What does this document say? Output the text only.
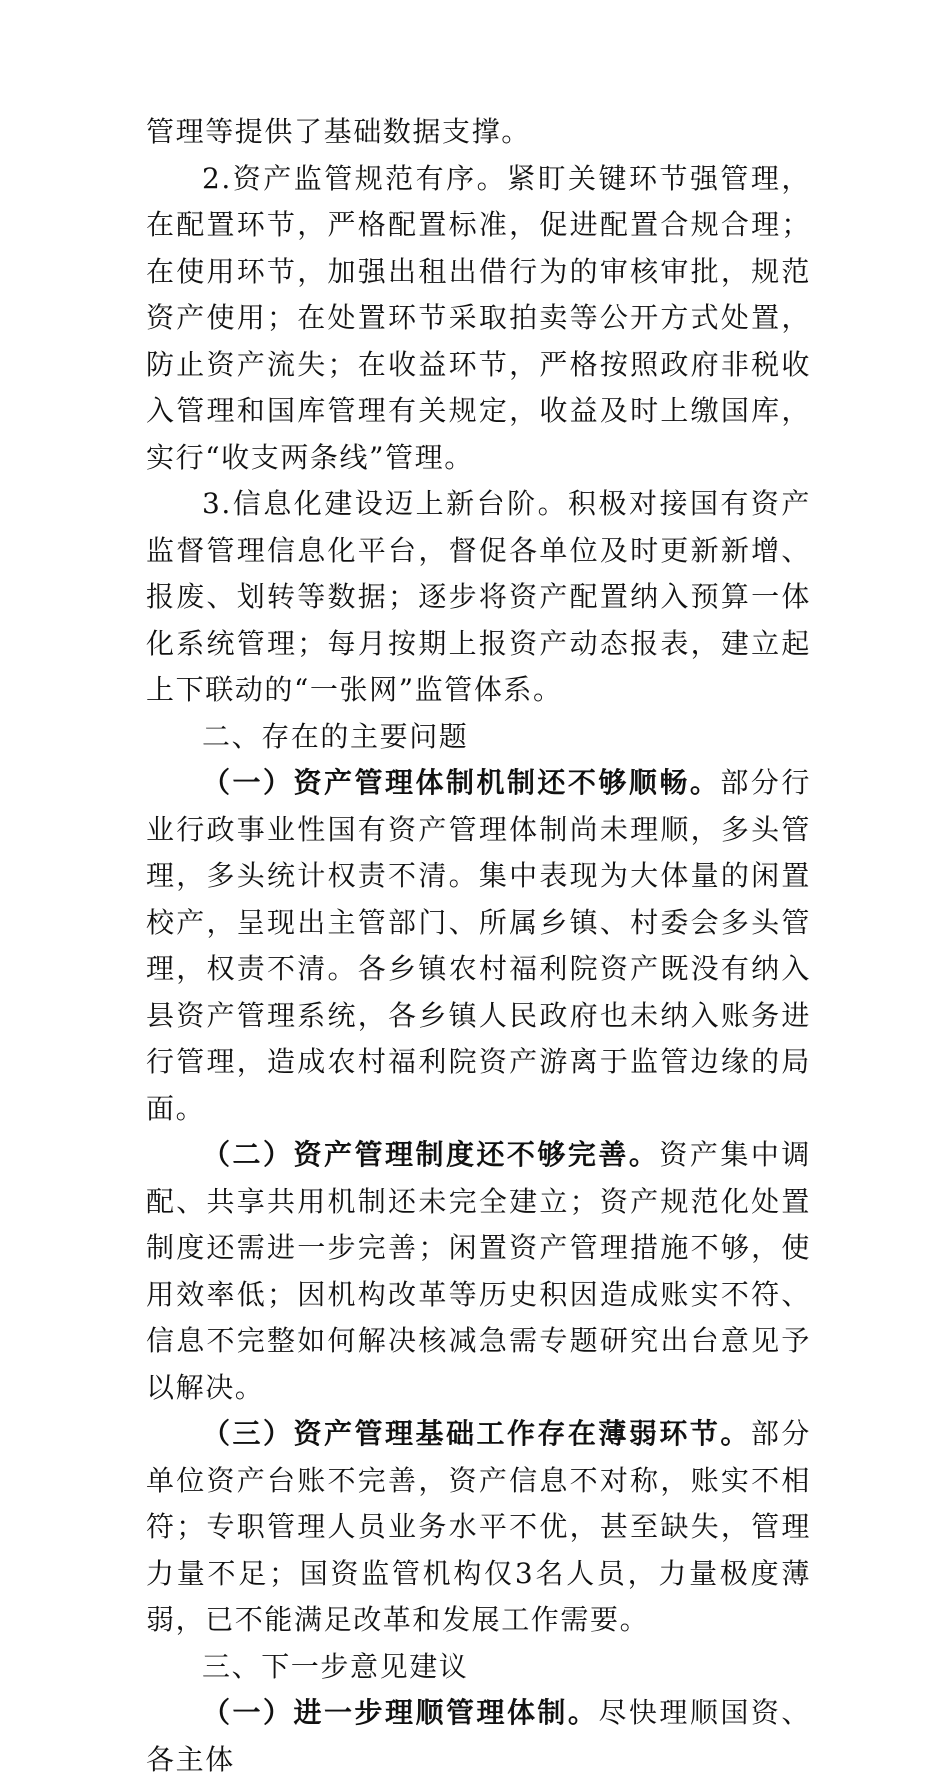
管理等提供了基础数据支撑。

2.资产监管规范有序。紧盯关键环节强管理，在配置环节，严格配置标准，促进配置合规合理；在使用环节，加强出租出借行为的审核审批，规范资产使用；在处置环节采取拍卖等公开方式处置，防止资产流失；在收益环节，严格按照政府非税收入管理和国库管理有关规定，收益及时上缴国库，实行“收支两条线”管理。

3.信息化建设迈上新台阶。积极对接国有资产监督管理信息化平台，督促各单位及时更新新增、报废、划转等数据；逐步将资产配置纳入预算一体化系统管理；每月按期上报资产动态报表，建立起上下联动的“一张网”监管体系。

二、存在的主要问题

（一）资产管理体制机制还不够顺畅。部分行业行政事业性国有资产管理体制尚未理顺，多头管理，多头统计权责不清。集中表现为大体量的闲置校产，呈现出主管部门、所属乡镇、村委会多头管理，权责不清。各乡镇农村福利院资产既没有纳入县资产管理系统，各乡镇人民政府也未纳入账务进行管理，造成农村福利院资产游离于监管边缘的局面。

（二）资产管理制度还不够完善。资产集中调配、共享共用机制还未完全建立；资产规范化处置制度还需进一步完善；闲置资产管理措施不够，使用效率低；因机构改革等历史积因造成账实不符、信息不完整如何解决核减急需专题研究出台意见予以解决。

（三）资产管理基础工作存在薄弱环节。部分单位资产台账不完善，资产信息不对称，账实不相符；专职管理人员业务水平不优，甚至缺失，管理力量不足；国资监管机构仅3名人员，力量极度薄弱，已不能满足改革和发展工作需要。

三、下一步意见建议

（一）进一步理顺管理体制。尽快理顺国资、各主体
